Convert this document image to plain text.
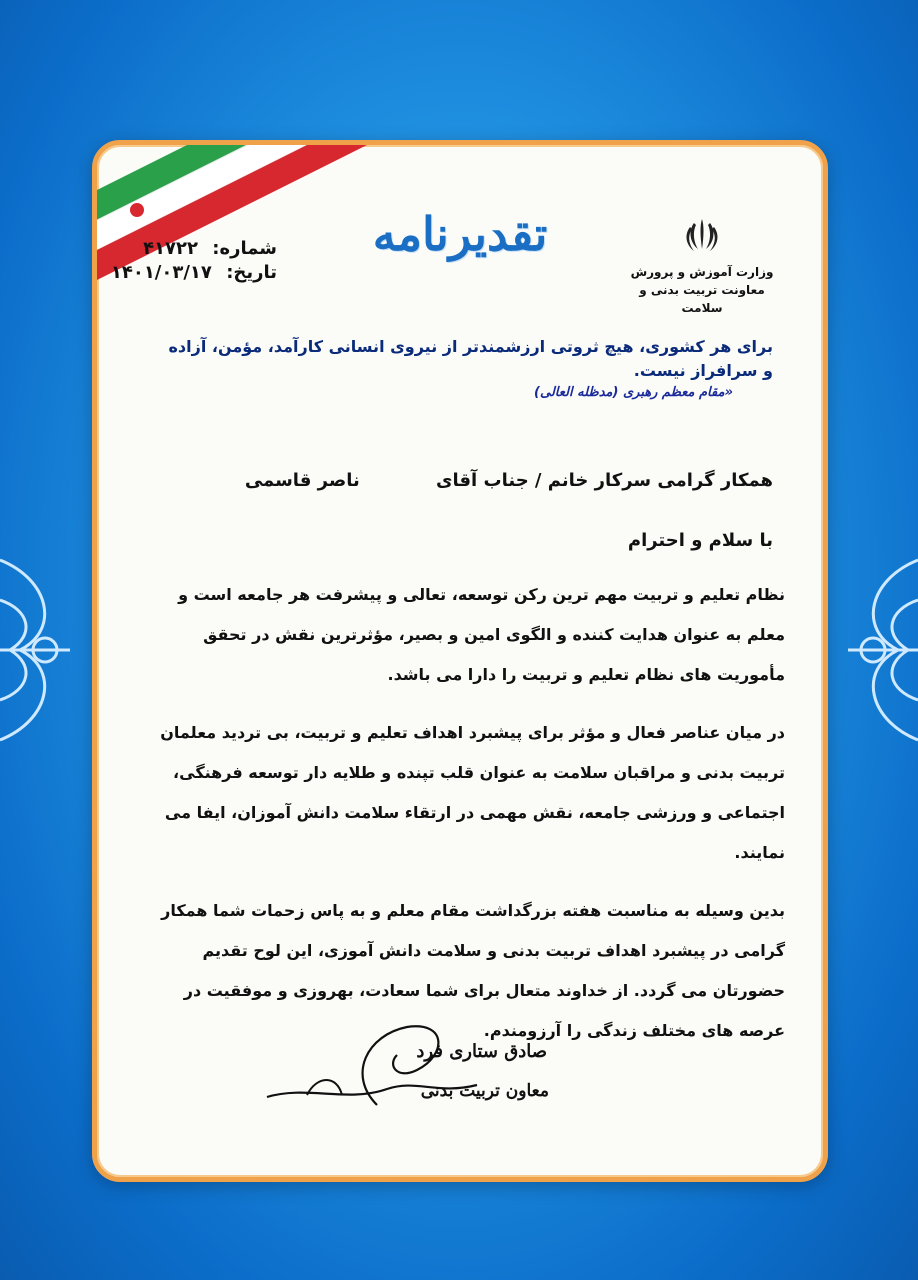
تقدیرنامه
شماره: ۴۱۷۲۲
تاریخ: ۱۴۰۱/۰۳/۱۷	وزارت آموزش و پرورش
معاونت تربیت بدنی و سلامت
برای هر کشوری، هیچ ثروتی ارزشمندتر از نیروی انسانی کارآمد، مؤمن، آزاده و سرافراز نیست.
«مقام معظم رهبری (مدظله العالی)
همکار گرامی سرکار خانم / جناب آقای ناصر قاسمی
با سلام و احترام

نظام تعلیم و تربیت مهم ترین رکن توسعه، تعالی و پیشرفت هر جامعه است و معلم به عنوان هدایت کننده و الگوی امین و بصیر، مؤثرترین نقش در تحقق مأموریت های نظام تعلیم و تربیت را دارا می باشد.

در میان عناصر فعال و مؤثر برای پیشبرد اهداف تعلیم و تربیت، بی تردید معلمان تربیت بدنی و مراقبان سلامت به عنوان قلب تپنده و طلایه دار توسعه فرهنگی، اجتماعی و ورزشی جامعه، نقش مهمی در ارتقاء سلامت دانش آموزان، ایفا می نمایند.

بدین وسیله به مناسبت هفته بزرگداشت مقام معلم و به پاس زحمات شما همکار گرامی در پیشبرد اهداف تربیت بدنی و سلامت دانش آموزی، این لوح تقدیم حضورتان می گردد. از خداوند متعال برای شما سعادت، بهروزی و موفقیت در عرصه های مختلف زندگی را آرزومندم.

صادق ستاری فرد
معاون تربیت بدنی
